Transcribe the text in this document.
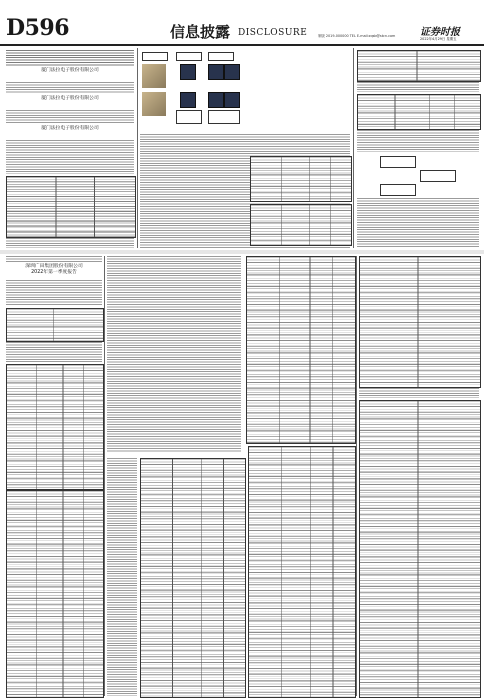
D596	信息披露 DISCLOSURE	制版 2019-000000 TEL E-mail:zqsb@stcn.com 证券时报
2022年4月29日 星期五
厦门法拉电子股份有限公司
厦门法拉电子股份有限公司
厦门法拉电子股份有限公司
深圳广田集团股份有限公司
2022年第一季度报告
